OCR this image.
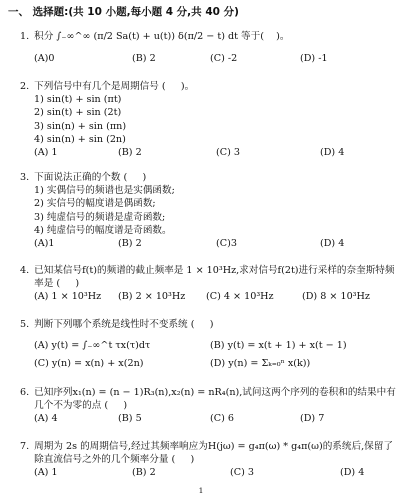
一、 选择题:(共 10 小题,每小题 4 分,共 40 分)
1. 积分 ∫₋∞^∞ (π/2 Sa(t) + u(t)) δ(π/2 − t) dt 等于(    )。
(A)0	(B) 2	(C) -2	(D) -1
2. 下列信号中有几个是周期信号 (     )。
1) sin(t) + sin (πt)
2) sin(t) + sin (2t)
3) sin(n) + sin (πn)
4) sin(n) + sin (2n)
(A) 1	(B) 2	(C) 3	(D) 4
3. 下面说法正确的个数 (     )
1) 实偶信号的频谱也是实偶函数;
2) 实信号的幅度谱是偶函数;
3) 纯虚信号的频谱是虚奇函数;
4) 纯虚信号的幅度谱是奇函数。
(A)1	(B) 2	(C)3	(D) 4
4. 已知某信号f(t)的频谱的截止频率是 1 × 10³Hz,求对信号f(2t)进行采样的奈奎斯特频率是 (     )
(A) 1 × 10³Hz (B) 2 × 10³Hz (C) 4 × 10³Hz	(D) 8 × 10³Hz
5. 判断下列哪个系统是线性时不变系统 (     )
(A) y(t) = ∫₋∞^t τx(τ)dτ	(B) y(t) = x(t + 1) + x(t − 1)
(C) y(n) = x(n) + x(2n)	(D) y(n) = Σₖ₌₀ⁿ x(k))
6. 已知序列x₁(n) = (n − 1)R₃(n),x₂(n) = nR₄(n),试问这两个序列的卷积和的结果中有几个不为零的点 (     )
(A) 4	(B) 5	(C) 6	(D) 7
7. 周期为 2s 的周期信号,经过其频率响应为H(jω) = g₄π(ω) * g₄π(ω)的系统后,保留了除直流信号之外的几个频率分量 (     )
(A) 1	(B) 2	(C) 3	(D) 4
1
